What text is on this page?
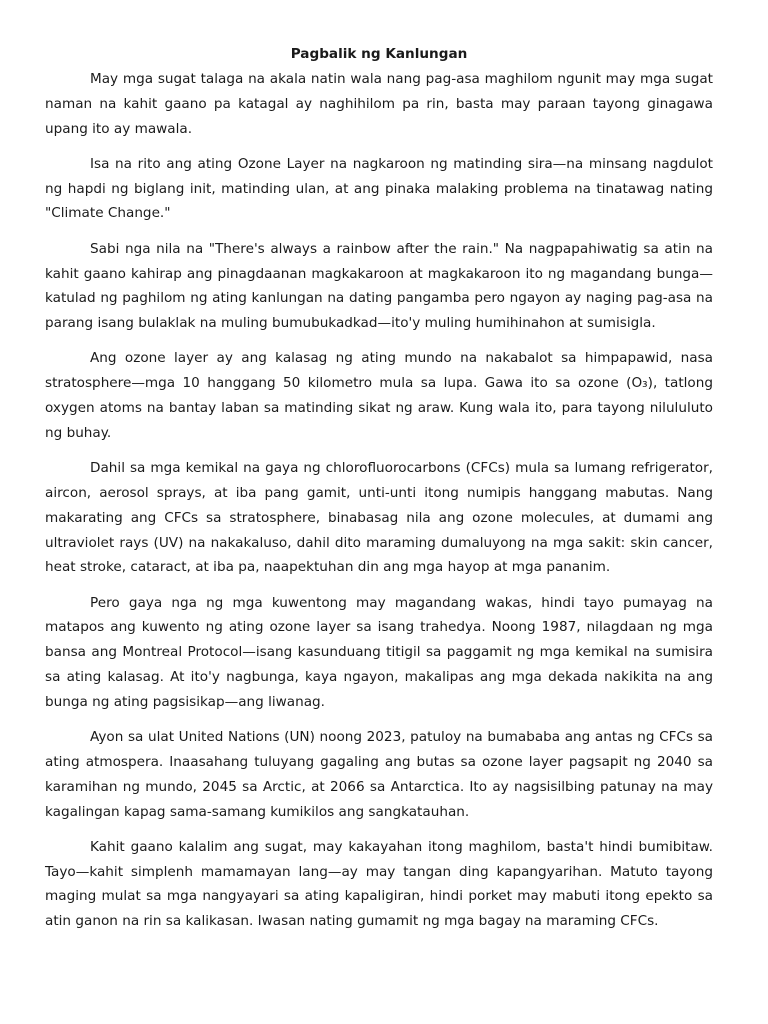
Pagbalik ng Kanlungan

May mga sugat talaga na akala natin wala nang pag-asa maghilom ngunit may mga sugat naman na kahit gaano pa katagal ay naghihilom pa rin, basta may paraan tayong ginagawa upang ito ay mawala.

Isa na rito ang ating Ozone Layer na nagkaroon ng matinding sira—na minsang nagdulot ng hapdi ng biglang init, matinding ulan, at ang pinaka malaking problema na tinatawag nating "Climate Change."

Sabi nga nila na "There's always a rainbow after the rain." Na nagpapahiwatig sa atin na kahit gaano kahirap ang pinagdaanan magkakaroon at magkakaroon ito ng magandang bunga—katulad ng paghilom ng ating kanlungan na dating pangamba pero ngayon ay naging pag-asa na parang isang bulaklak na muling bumubukadkad—ito'y muling humihinahon at sumisigla.

Ang ozone layer ay ang kalasag ng ating mundo na nakabalot sa himpapawid, nasa stratosphere—mga 10 hanggang 50 kilometro mula sa lupa. Gawa ito sa ozone (O₃), tatlong oxygen atoms na bantay laban sa matinding sikat ng araw. Kung wala ito, para tayong nilululuto ng buhay.

Dahil sa mga kemikal na gaya ng chlorofluorocarbons (CFCs) mula sa lumang refrigerator, aircon, aerosol sprays, at iba pang gamit, unti-unti itong numipis hanggang mabutas. Nang makarating ang CFCs sa stratosphere, binabasag nila ang ozone molecules, at dumami ang ultraviolet rays (UV) na nakakaluso, dahil dito maraming dumaluyong na mga sakit: skin cancer, heat stroke, cataract, at iba pa, naapektuhan din ang mga hayop at mga pananim.

Pero gaya nga ng mga kuwentong may magandang wakas, hindi tayo pumayag na matapos ang kuwento ng ating ozone layer sa isang trahedya. Noong 1987, nilagdaan ng mga bansa ang Montreal Protocol—isang kasunduang titigil sa paggamit ng mga kemikal na sumisira sa ating kalasag. At ito'y nagbunga, kaya ngayon, makalipas ang mga dekada nakikita na ang bunga ng ating pagsisikap—ang liwanag.

Ayon sa ulat United Nations (UN) noong 2023, patuloy na bumababa ang antas ng CFCs sa ating atmospera. Inaasahang tuluyang gagaling ang butas sa ozone layer pagsapit ng 2040 sa karamihan ng mundo, 2045 sa Arctic, at 2066 sa Antarctica. Ito ay nagsisilbing patunay na may kagalingan kapag sama-samang kumikilos ang sangkatauhan.

Kahit gaano kalalim ang sugat, may kakayahan itong maghilom, basta't hindi bumibitaw. Tayo—kahit simplenh mamamayan lang—ay may tangan ding kapangyarihan. Matuto tayong maging mulat sa mga nangyayari sa ating kapaligiran, hindi porket may mabuti itong epekto sa atin ganon na rin sa kalikasan. Iwasan nating gumamit ng mga bagay na maraming CFCs.
